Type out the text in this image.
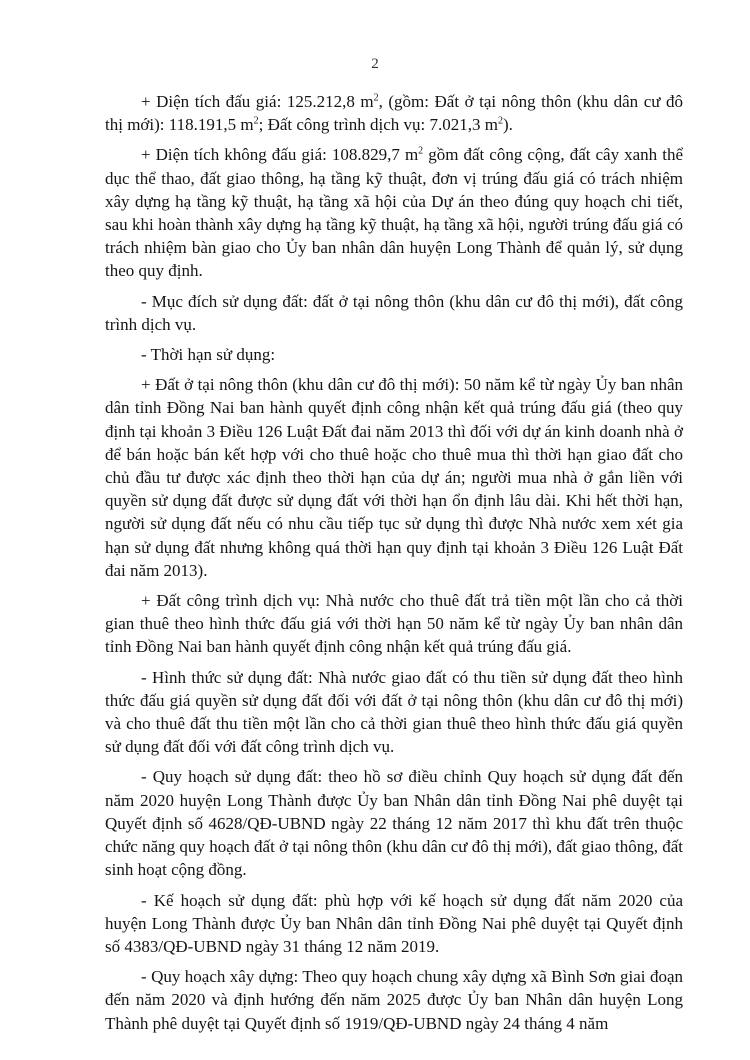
2

+ Diện tích đấu giá: 125.212,8 $m^2$, (gồm: Đất ở tại nông thôn (khu dân cư đô thị mới): 118.191,5 $m^2$; Đất công trình dịch vụ: 7.021,3 $m^2$).

+ Diện tích không đấu giá: 108.829,7 $m^2$ gồm đất công cộng, đất cây xanh thể dục thể thao, đất giao thông, hạ tầng kỹ thuật, đơn vị trúng đấu giá có trách nhiệm xây dựng hạ tầng kỹ thuật, hạ tầng xã hội của Dự án theo đúng quy hoạch chi tiết, sau khi hoàn thành xây dựng hạ tầng kỹ thuật, hạ tầng xã hội, người trúng đấu giá có trách nhiệm bàn giao cho Ủy ban nhân dân huyện Long Thành để quản lý, sử dụng theo quy định.

- Mục đích sử dụng đất: đất ở tại nông thôn (khu dân cư đô thị mới), đất công trình dịch vụ.

- Thời hạn sử dụng:

+ Đất ở tại nông thôn (khu dân cư đô thị mới): 50 năm kể từ ngày Ủy ban nhân dân tỉnh Đồng Nai ban hành quyết định công nhận kết quả trúng đấu giá (theo quy định tại khoản 3 Điều 126 Luật Đất đai năm 2013 thì đối với dự án kinh doanh nhà ở để bán hoặc bán kết hợp với cho thuê hoặc cho thuê mua thì thời hạn giao đất cho chủ đầu tư được xác định theo thời hạn của dự án; người mua nhà ở gắn liền với quyền sử dụng đất được sử dụng đất với thời hạn ổn định lâu dài. Khi hết thời hạn, người sử dụng đất nếu có nhu cầu tiếp tục sử dụng thì được Nhà nước xem xét gia hạn sử dụng đất nhưng không quá thời hạn quy định tại khoản 3 Điều 126 Luật Đất đai năm 2013).

+ Đất công trình dịch vụ: Nhà nước cho thuê đất trả tiền một lần cho cả thời gian thuê theo hình thức đấu giá với thời hạn 50 năm kể từ ngày Ủy ban nhân dân tỉnh Đồng Nai ban hành quyết định công nhận kết quả trúng đấu giá.

- Hình thức sử dụng đất: Nhà nước giao đất có thu tiền sử dụng đất theo hình thức đấu giá quyền sử dụng đất đối với đất ở tại nông thôn (khu dân cư đô thị mới) và cho thuê đất thu tiền một lần cho cả thời gian thuê theo hình thức đấu giá quyền sử dụng đất đối với đất công trình dịch vụ.

- Quy hoạch sử dụng đất: theo hồ sơ điều chỉnh Quy hoạch sử dụng đất đến năm 2020 huyện Long Thành được Ủy ban Nhân dân tỉnh Đồng Nai phê duyệt tại Quyết định số 4628/QĐ-UBND ngày 22 tháng 12 năm 2017 thì khu đất trên thuộc chức năng quy hoạch đất ở tại nông thôn (khu dân cư đô thị mới), đất giao thông, đất sinh hoạt cộng đồng.

- Kế hoạch sử dụng đất: phù hợp với kế hoạch sử dụng đất năm 2020 của huyện Long Thành được Ủy ban Nhân dân tỉnh Đồng Nai phê duyệt tại Quyết định số 4383/QĐ-UBND ngày 31 tháng 12 năm 2019.

- Quy hoạch xây dựng: Theo quy hoạch chung xây dựng xã Bình Sơn giai đoạn đến năm 2020 và định hướng đến năm 2025 được Ủy ban Nhân dân huyện Long Thành phê duyệt tại Quyết định số 1919/QĐ-UBND ngày 24 tháng 4 năm
